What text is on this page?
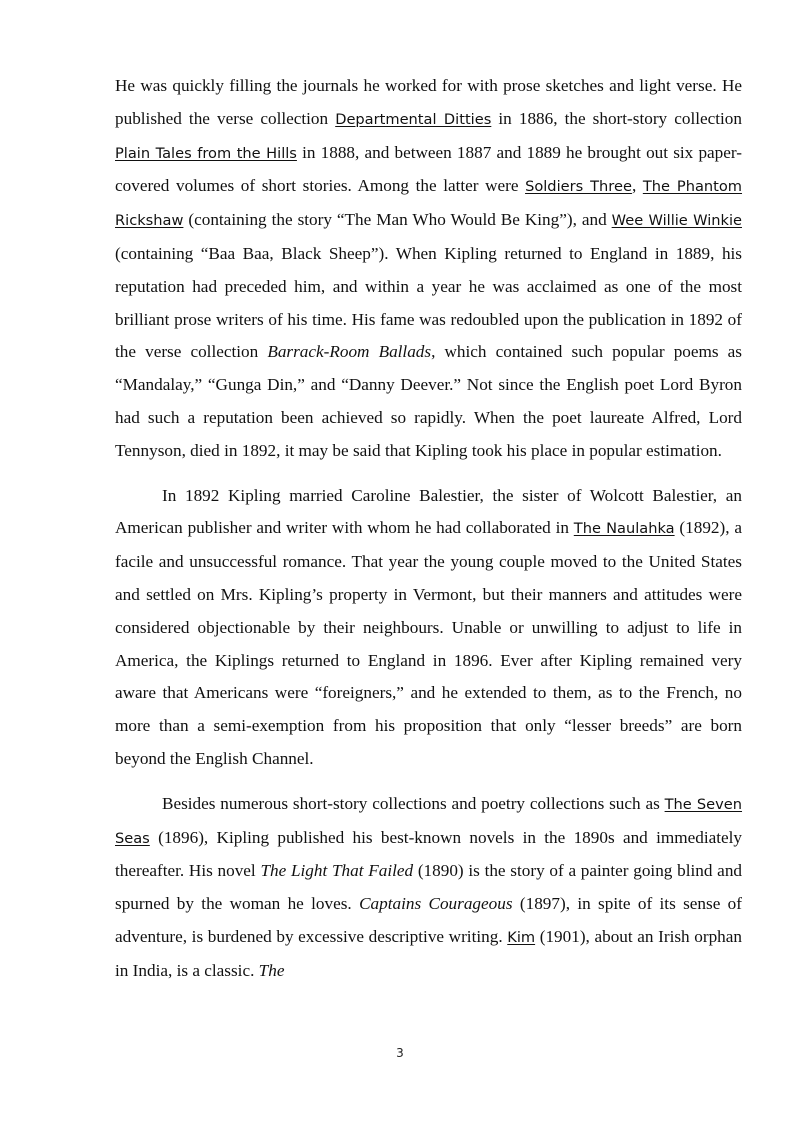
He was quickly filling the journals he worked for with prose sketches and light verse. He published the verse collection Departmental Ditties in 1886, the short-story collection Plain Tales from the Hills in 1888, and between 1887 and 1889 he brought out six paper-covered volumes of short stories. Among the latter were Soldiers Three, The Phantom Rickshaw (containing the story “The Man Who Would Be King”), and Wee Willie Winkie (containing “Baa Baa, Black Sheep”). When Kipling returned to England in 1889, his reputation had preceded him, and within a year he was acclaimed as one of the most brilliant prose writers of his time. His fame was redoubled upon the publication in 1892 of the verse collection Barrack-Room Ballads, which contained such popular poems as “Mandalay,” “Gunga Din,” and “Danny Deever.” Not since the English poet Lord Byron had such a reputation been achieved so rapidly. When the poet laureate Alfred, Lord Tennyson, died in 1892, it may be said that Kipling took his place in popular estimation.

In 1892 Kipling married Caroline Balestier, the sister of Wolcott Balestier, an American publisher and writer with whom he had collaborated in The Naulahka (1892), a facile and unsuccessful romance. That year the young couple moved to the United States and settled on Mrs. Kipling’s property in Vermont, but their manners and attitudes were considered objectionable by their neighbours. Unable or unwilling to adjust to life in America, the Kiplings returned to England in 1896. Ever after Kipling remained very aware that Americans were “foreigners,” and he extended to them, as to the French, no more than a semi-exemption from his proposition that only “lesser breeds” are born beyond the English Channel.

Besides numerous short-story collections and poetry collections such as The Seven Seas (1896), Kipling published his best-known novels in the 1890s and immediately thereafter. His novel The Light That Failed (1890) is the story of a painter going blind and spurned by the woman he loves. Captains Courageous (1897), in spite of its sense of adventure, is burdened by excessive descriptive writing. Kim (1901), about an Irish orphan in India, is a classic. The

3
